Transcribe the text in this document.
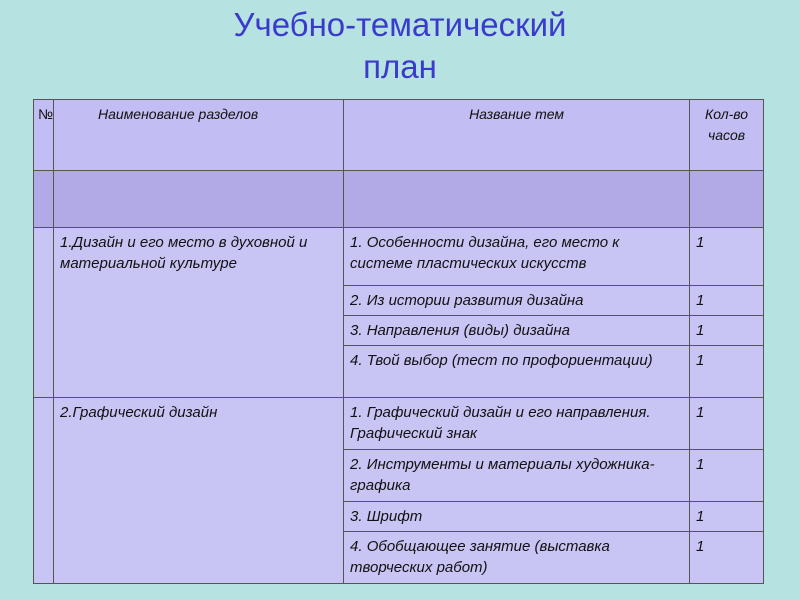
Учебно-тематический
план
№	Наименование разделов	Название тем	Кол-во часов

	1.Дизайн и его место в духовной и материальной культуре	1. Особенности дизайна, его место к системе пластических искусств	1
		2. Из истории развития дизайна	1
		3. Направления (виды) дизайна	1
		4. Твой выбор (тест по профориентации)	1
	2.Графический дизайн	1. Графический дизайн и его направления. Графический знак	1
		2. Инструменты и материалы художника-графика	1
		3. Шрифт	1
		4. Обобщающее занятие (выставка творческих работ)	1
